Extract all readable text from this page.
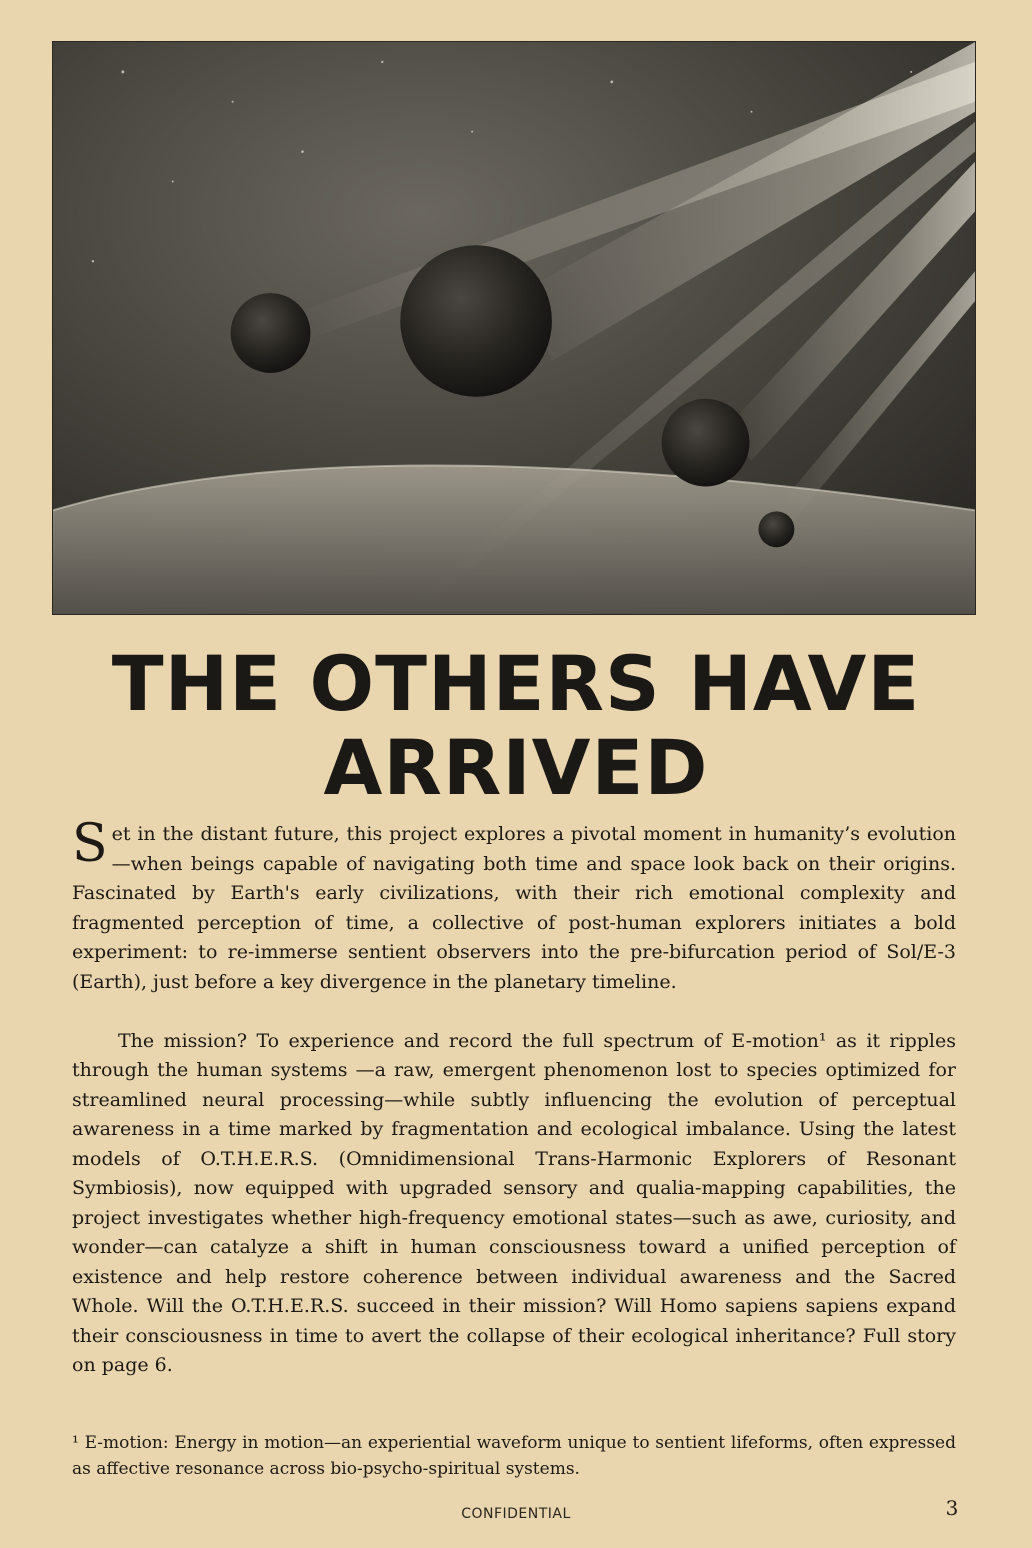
THE OTHERS HAVE
ARRIVED

Set in the distant future, this project explores a pivotal moment in humanity’s evolution—when beings capable of navigating both time and space look back on their origins. Fascinated by Earth's early civilizations, with their rich emotional complexity and fragmented perception of time, a collective of post-human explorers initiates a bold experiment: to re-immerse sentient observers into the pre-bifurcation period of Sol/E-3 (Earth), just before a key divergence in the planetary timeline.

The mission? To experience and record the full spectrum of E-motion¹ as it ripples through the human systems —a raw, emergent phenomenon lost to species optimized for streamlined neural processing—while subtly influencing the evolution of perceptual awareness in a time marked by fragmentation and ecological imbalance. Using the latest models of O.T.H.E.R.S. (Omnidimensional Trans-Harmonic Explorers of Resonant Symbiosis), now equipped with upgraded sensory and qualia-mapping capabilities, the project investigates whether high-frequency emotional states—such as awe, curiosity, and wonder—can catalyze a shift in human consciousness toward a unified perception of existence and help restore coherence between individual awareness and the Sacred Whole. Will the O.T.H.E.R.S. succeed in their mission? Will Homo sapiens sapiens expand their consciousness in time to avert the collapse of their ecological inheritance? Full story on page 6.

¹ E-motion: Energy in motion—an experiential waveform unique to sentient lifeforms, often expressed as affective resonance across bio-psycho-spiritual systems.

CONFIDENTIAL	3
